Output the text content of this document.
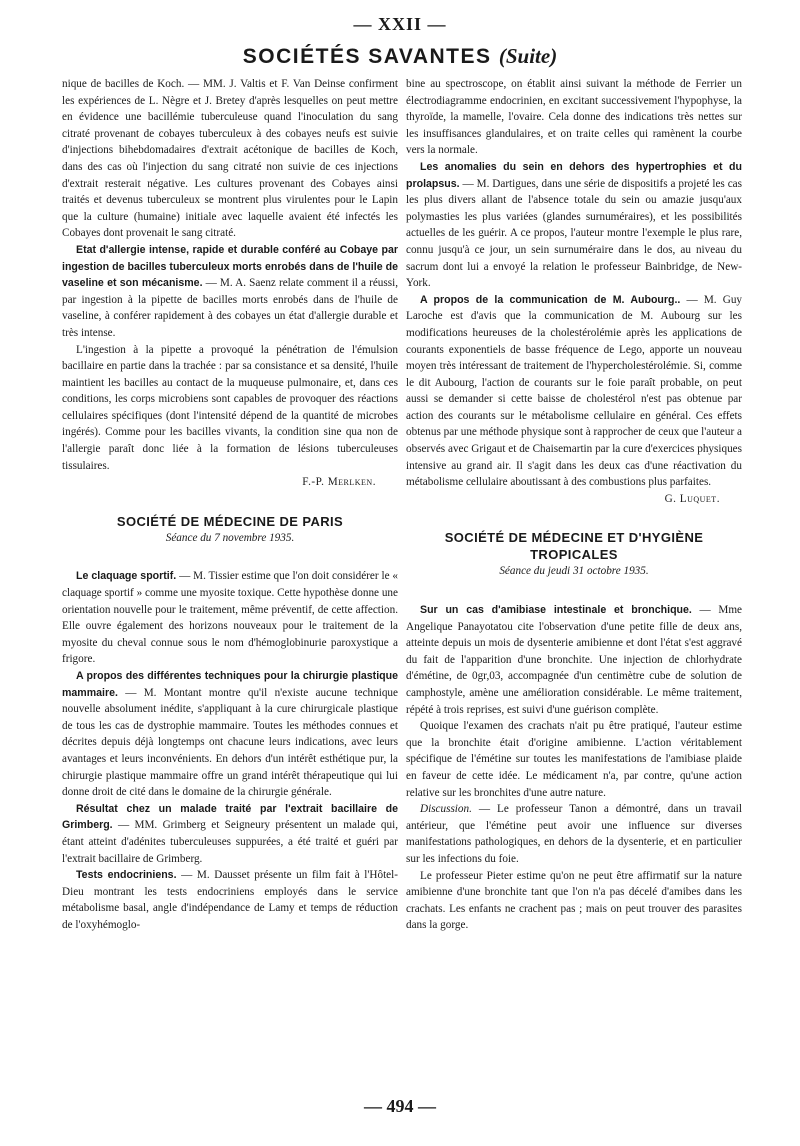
— XXII —
SOCIÉTÉS SAVANTES (Suite)

nique de bacilles de Koch. — MM. J. Valtis et F. Van Deinse confirment les expériences de L. Nègre et J. Bretey d'après lesquelles on peut mettre en évidence une bacillémie tuberculeuse quand l'inoculation du sang citraté provenant de cobayes tuberculeux à des cobayes neufs est suivie d'injections bihebdomadaires d'extrait acétonique de bacilles de Koch, dans des cas où l'injection du sang citraté non suivie de ces injections d'extrait resterait négative. Les cultures provenant des Cobayes ainsi traités et devenus tuberculeux se montrent plus virulentes pour le Lapin que la culture (humaine) initiale avec laquelle avaient été infectés les Cobayes dont provenait le sang citraté.

Etat d'allergie intense, rapide et durable conféré au Cobaye par ingestion de bacilles tuberculeux morts enrobés dans de l'huile de vaseline et son mécanisme. — M. A. Saenz relate comment il a réussi, par ingestion à la pipette de bacilles morts enrobés dans de l'huile de vaseline, à conférer rapidement à des cobayes un état d'allergie durable et très intense.

L'ingestion à la pipette a provoqué la pénétration de l'émulsion bacillaire en partie dans la trachée : par sa consistance et sa densité, l'huile maintient les bacilles au contact de la muqueuse pulmonaire, et, dans ces conditions, les corps microbiens sont capables de provoquer des réactions cellulaires spécifiques (dont l'intensité dépend de la quantité de microbes ingérés). Comme pour les bacilles vivants, la condition sine qua non de l'allergie paraît donc liée à la formation de lésions tuberculeuses tissulaires.

F.-P. Merlken.

SOCIÉTÉ DE MÉDECINE DE PARIS
Séance du 7 novembre 1935.

Le claquage sportif. — M. Tissier estime que l'on doit considérer le « claquage sportif » comme une myosite toxique. Cette hypothèse donne une orientation nouvelle pour le traitement, même préventif, de cette affection. Elle ouvre également des horizons nouveaux pour le traitement de la myosite du cheval connue sous le nom d'hémoglobinurie paroxystique a frigore.

A propos des différentes techniques pour la chirurgie plastique mammaire. — M. Montant montre qu'il n'existe aucune technique nouvelle absolument inédite, s'appliquant à la cure chirurgicale plastique de tous les cas de dystrophie mammaire. Toutes les méthodes connues et décrites depuis déjà longtemps ont chacune leurs indications, avec leurs avantages et leurs inconvénients. En dehors d'un intérêt esthétique pur, la chirurgie plastique mammaire offre un grand intérêt thérapeutique qui lui donne droit de cité dans le domaine de la chirurgie générale.

Résultat chez un malade traité par l'extrait bacillaire de Grimberg. — MM. Grimberg et Seigneury présentent un malade qui, étant atteint d'adénites tuberculeuses suppurées, a été traité et guéri par l'extrait bacillaire de Grimberg.

Tests endocriniens. — M. Dausset présente un film fait à l'Hôtel-Dieu montrant les tests endocriniens employés dans le service métabolisme basal, angle d'indépendance de Lamy et temps de réduction de l'oxyhémoglo-

bine au spectroscope, on établit ainsi suivant la méthode de Ferrier un électrodiagramme endocrinien, en excitant successivement l'hypophyse, la thyroïde, la mamelle, l'ovaire. Cela donne des indications très nettes sur les insuffisances glandulaires, et on traite celles qui ramènent la courbe vers la normale.

Les anomalies du sein en dehors des hypertrophies et du prolapsus. — M. Dartigues, dans une série de dispositifs a projeté les cas les plus divers allant de l'absence totale du sein ou amazie jusqu'aux polymasties les plus variées (glandes surnuméraires), et les possibilités actuelles de les guérir. A ce propos, l'auteur montre l'exemple le plus rare, connu jusqu'à ce jour, un sein surnuméraire dans le dos, au niveau du sacrum dont lui a envoyé la relation le professeur Bainbridge, de New-York.

A propos de la communication de M. Aubourg.. — M. Guy Laroche est d'avis que la communication de M. Aubourg sur les modifications heureuses de la cholestérolémie après les applications de courants exponentiels de basse fréquence de Lego, apporte un nouveau moyen très intéressant de traitement de l'hypercholestérolémie. Si, comme le dit Aubourg, l'action de courants sur le foie paraît probable, on peut aussi se demander si cette baisse de cholestérol n'est pas obtenue par action des courants sur le métabolisme cellulaire en général. Ces effets obtenus par une méthode physique sont à rapprocher de ceux que l'auteur a observés avec Grigaut et de Chaisemartin par la cure d'exercices physiques intensive au grand air. Il s'agit dans les deux cas d'une réactivation du métabolisme cellulaire aboutissant à des combustions plus parfaites.

G. Luquet.

SOCIÉTÉ DE MÉDECINE ET D'HYGIÈNE TROPICALES
Séance du jeudi 31 octobre 1935.

Sur un cas d'amibiase intestinale et bronchique. — Mme Angelique Panayotatou cite l'observation d'une petite fille de deux ans, atteinte depuis un mois de dysenterie amibienne et dont l'état s'est aggravé du fait de l'apparition d'une bronchite. Une injection de chlorhydrate d'émétine, de 0gr,03, accompagnée d'un centimètre cube de solution de camphostyle, amène une amélioration considérable. Le même traitement, répété à trois reprises, est suivi d'une guérison complète.

Quoique l'examen des crachats n'ait pu être pratiqué, l'auteur estime que la bronchite était d'origine amibienne. L'action véritablement spécifique de l'émétine sur toutes les manifestations de l'amibiase plaide en faveur de cette idée. Le médicament n'a, par contre, qu'une action relative sur les bronchites d'une autre nature.

Discussion. — Le professeur Tanon a démontré, dans un travail antérieur, que l'émétine peut avoir une influence sur diverses manifestations pathologiques, en dehors de la dysenterie, et en particulier sur les infections du foie.

Le professeur Pieter estime qu'on ne peut être affirmatif sur la nature amibienne d'une bronchite tant que l'on n'a pas décelé d'amibes dans les crachats. Les enfants ne crachent pas ; mais on peut trouver des parasites dans la gorge.

— 494 —
